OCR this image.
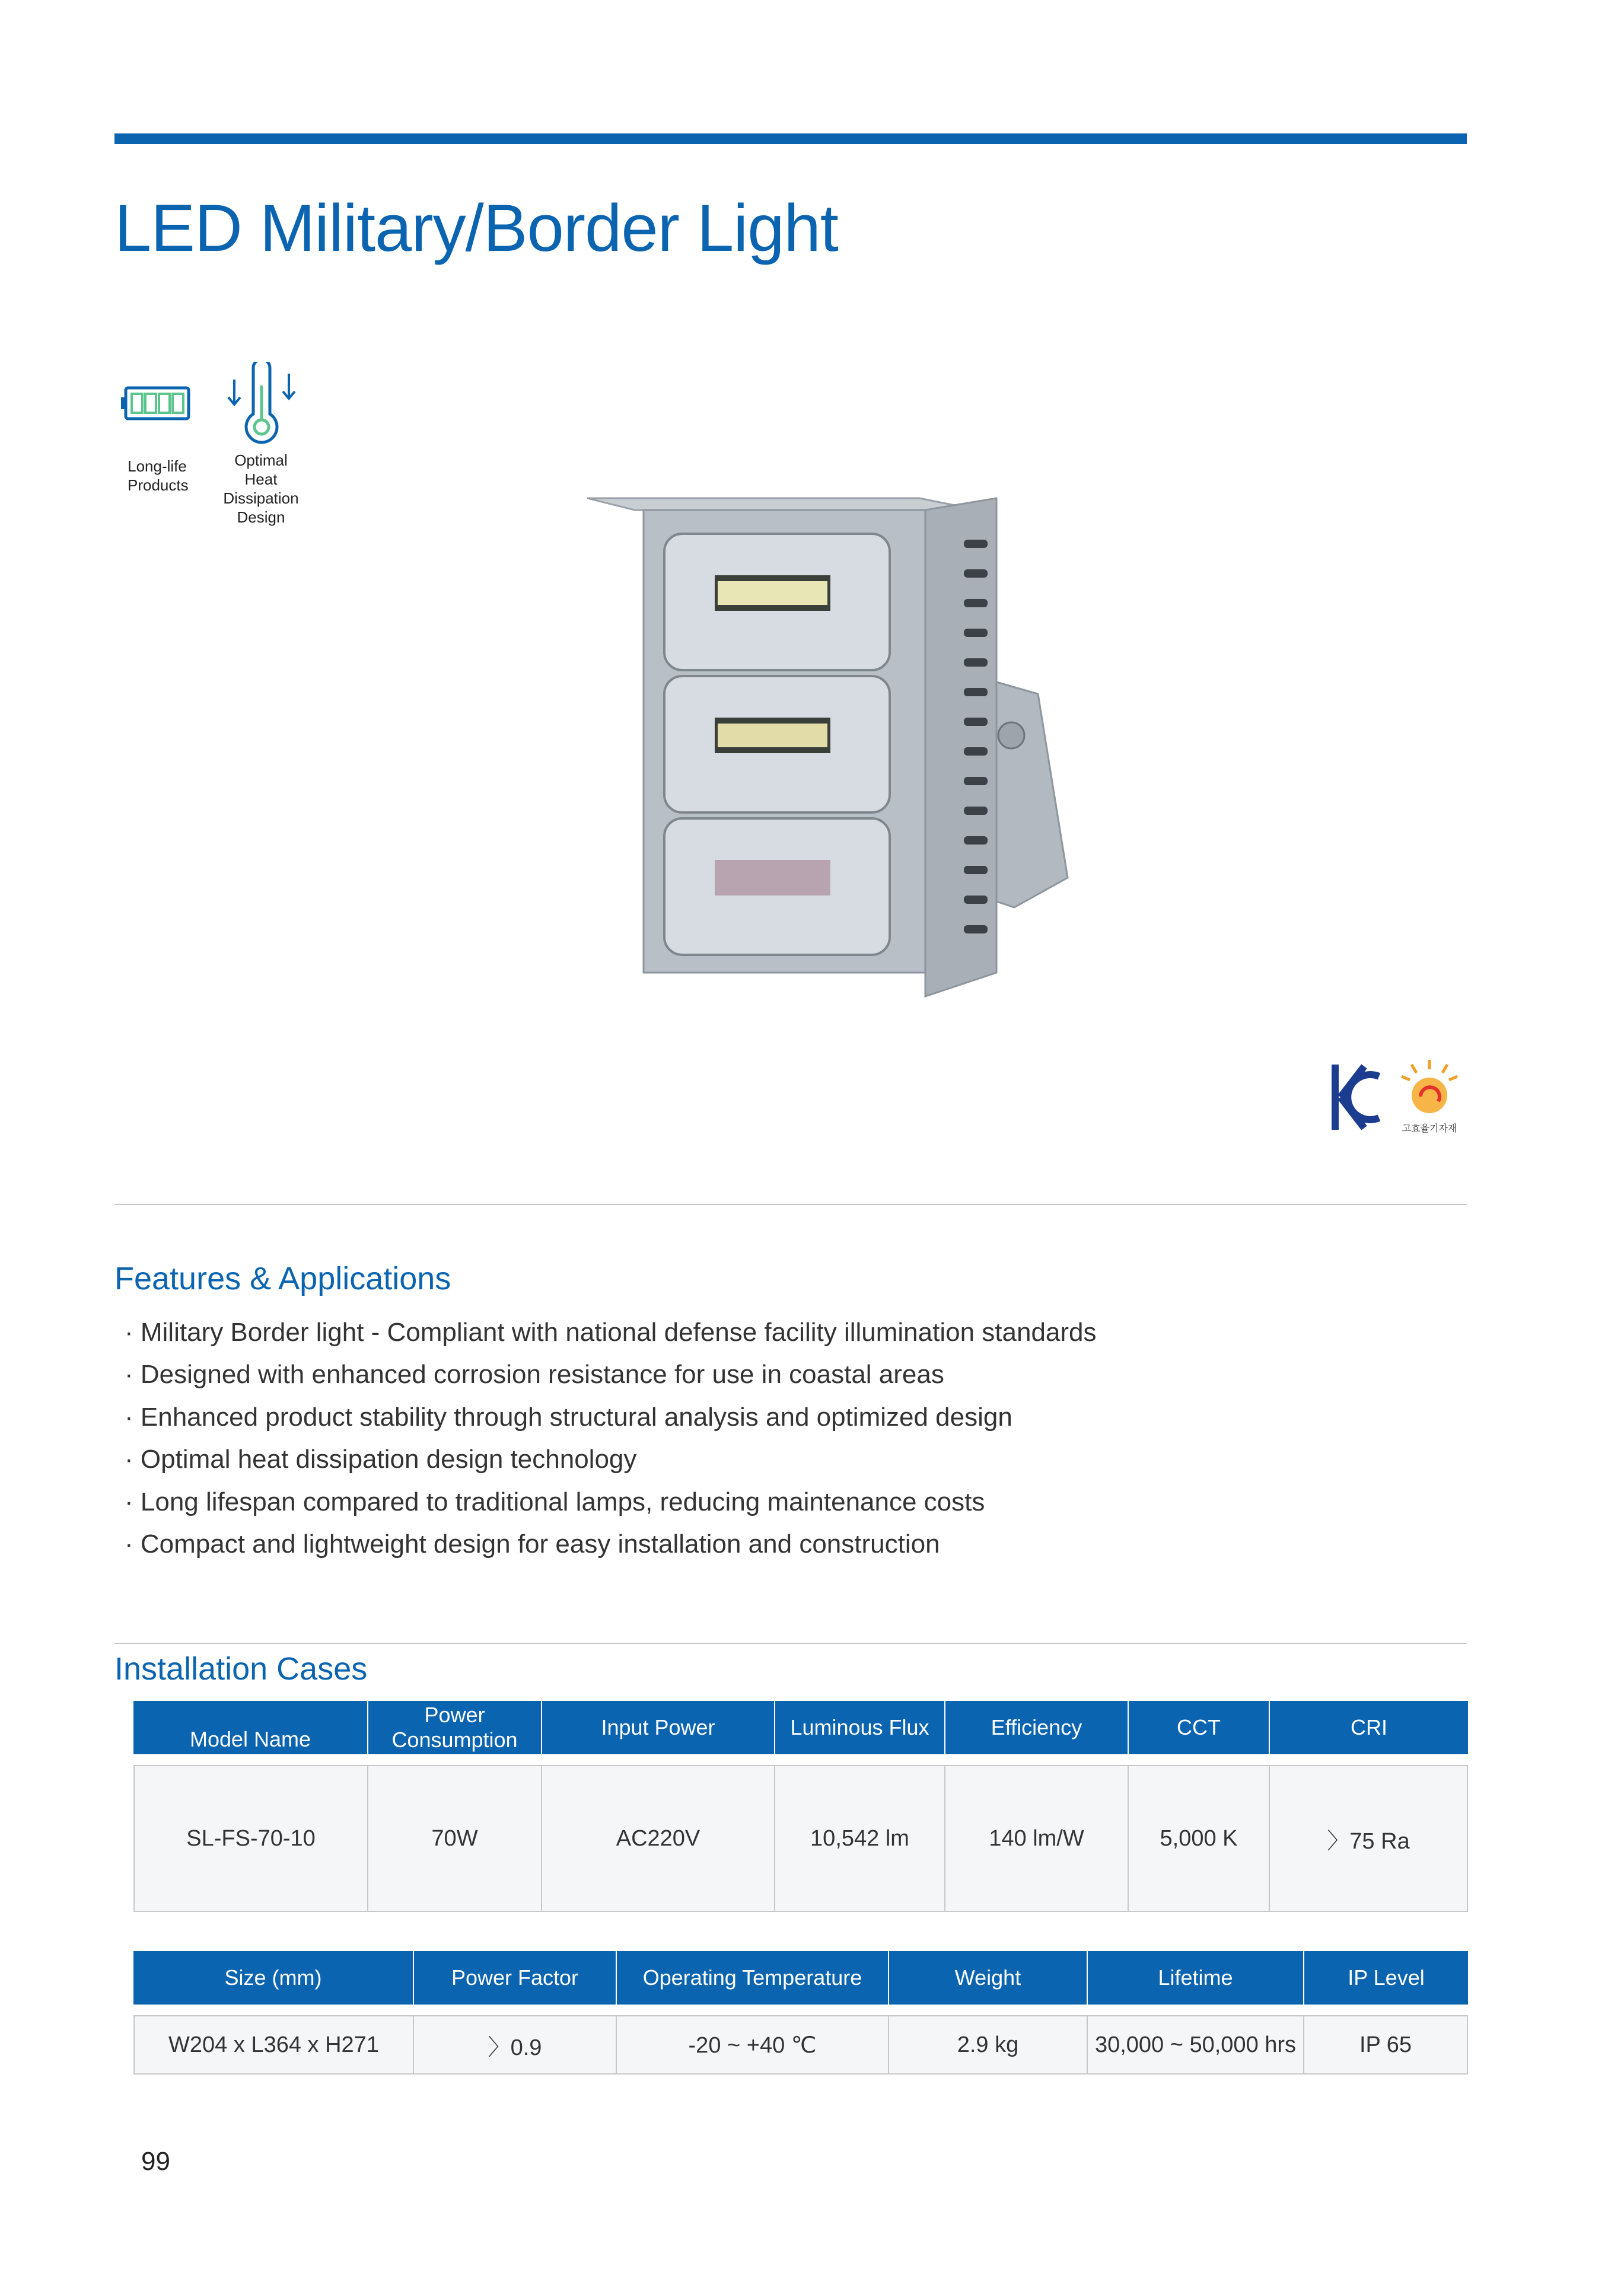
LED Military/Border Light
Long-life Products
Optimal Heat Dissipation Design
고효율기자재
Features & Applications
· Military Border light - Compliant with national defense facility illumination standards
· Designed with enhanced corrosion resistance for use in coastal areas
· Enhanced product stability through structural analysis and optimized design
· Optimal heat dissipation design technology
· Long lifespan compared to traditional lamps, reducing maintenance costs
· Compact and lightweight design for easy installation and construction
Installation Cases
Model Name	Power Consumption	Input Power	Luminous Flux	Efficiency	CCT	CRI

SL-FS-70-10	70W	AC220V	10,542 lm	140 lm/W	5,000 K	〉75 Ra
Size (mm)	Power Factor	Operating Temperature	Weight	Lifetime	IP Level

W204 x L364 x H271	〉0.9	-20 ~ +40 ℃	2.9 kg	30,000 ~ 50,000 hrs	IP 65
99
